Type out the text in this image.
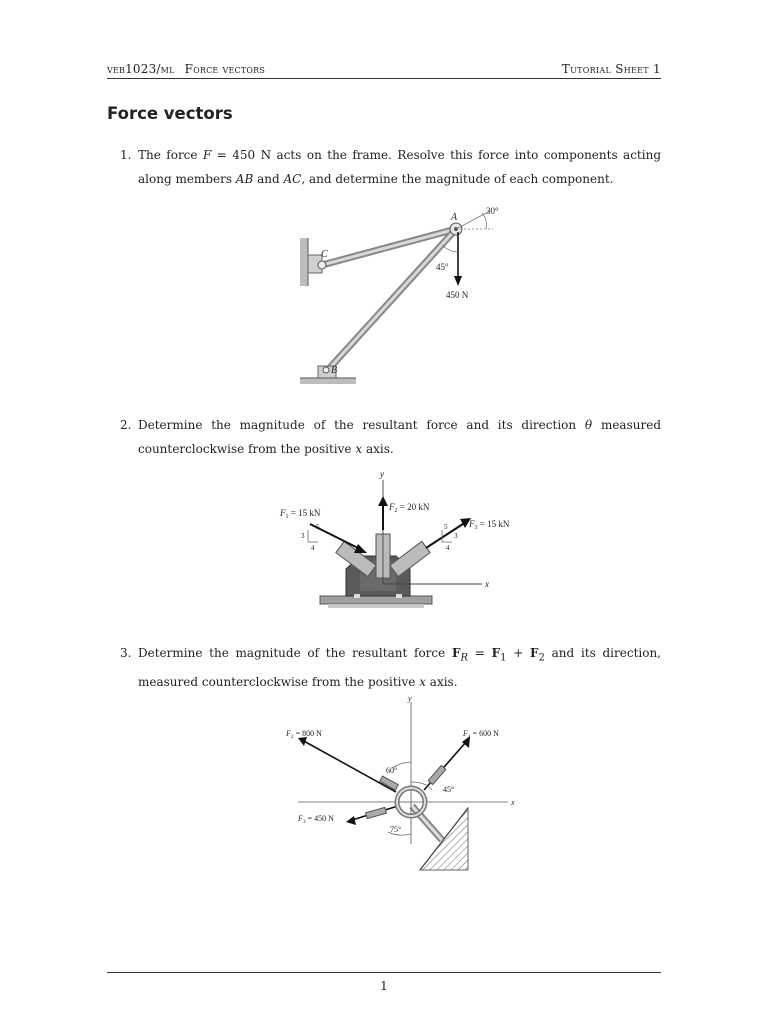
veb1023/ml Force vectors	Tutorial Sheet 1
Force vectors
1. The force F = 450 N acts on the frame. Resolve this force into components acting along members AB and AC, and determine the magnitude of each component.
A
C
B
30°
45°
450 N
2. Determine the magnitude of the resultant force and its direction θ measured counterclockwise from the positive x axis.
y
x
5
3
4
5
3
4
$F_1 = 15$ kN
$F_2 = 20$ kN
$F_3 = 15$ kN
3. Determine the magnitude of the resultant force $F_R = F_1 + F_2$ and its direction, measured counterclockwise from the positive x axis.
y
x
60°
45°
75°
$F_2 = 800$ N	$F_1 = 600$ N
$F_3 = 450$ N
1
